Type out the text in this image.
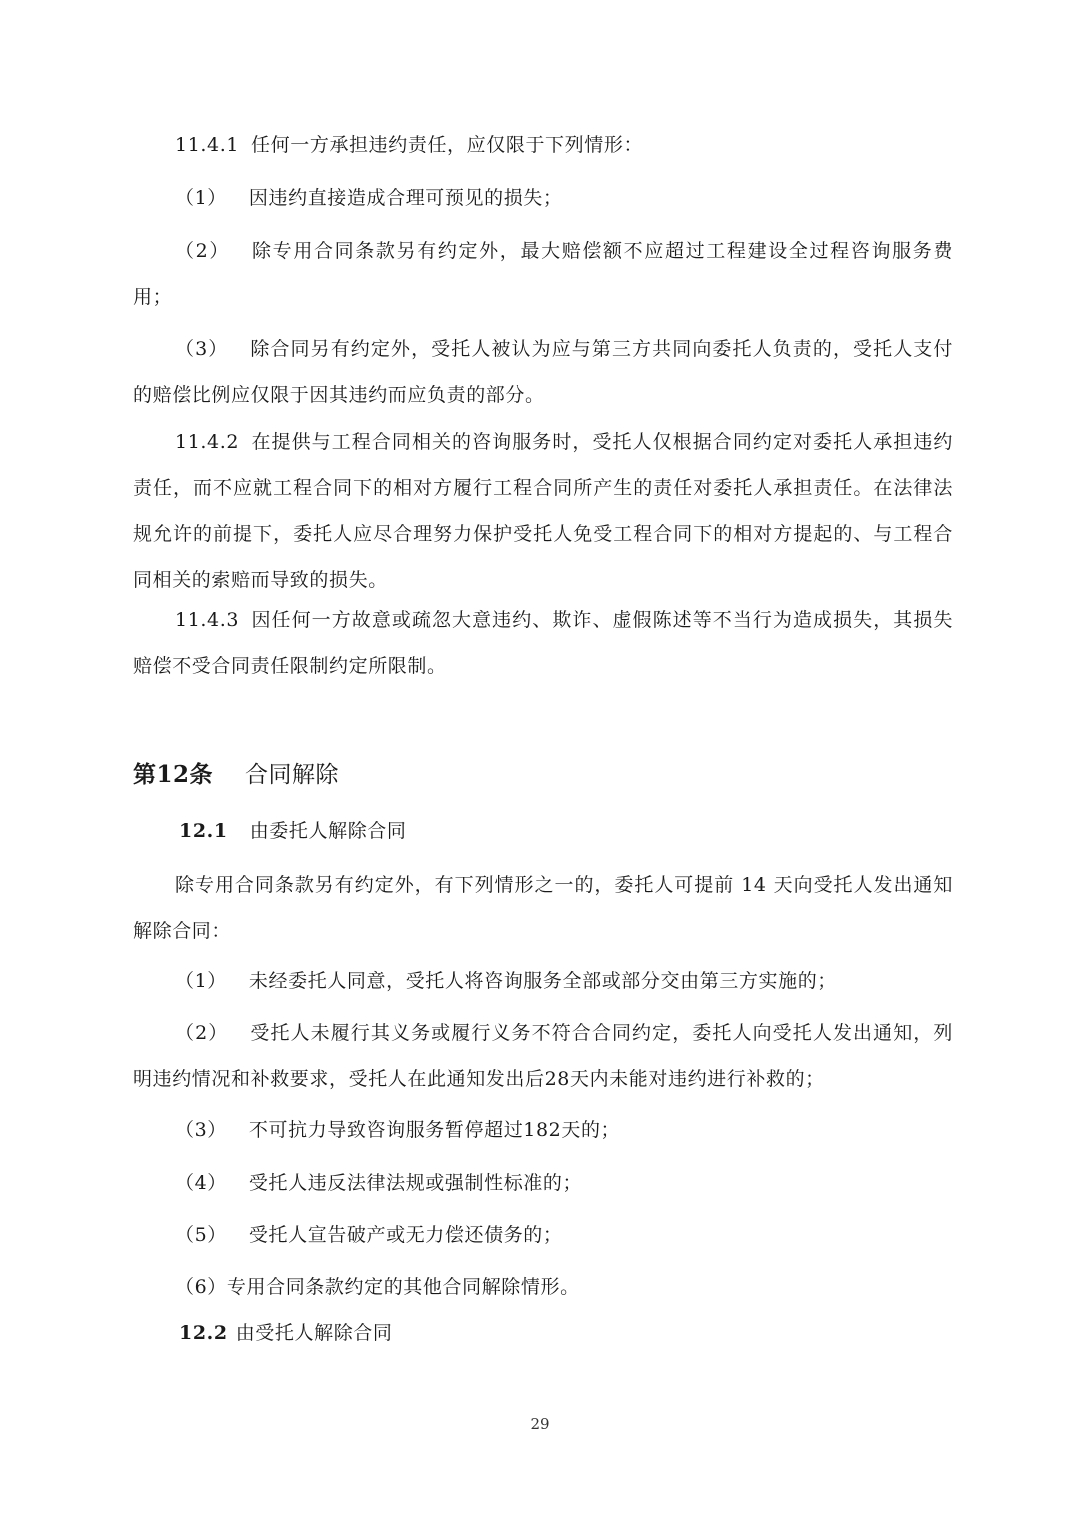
11.4.1 任何一方承担违约责任，应仅限于下列情形：

（1） 因违约直接造成合理可预见的损失；

（2） 除专用合同条款另有约定外，最大赔偿额不应超过工程建设全过程咨询服务费用；

（3） 除合同另有约定外，受托人被认为应与第三方共同向委托人负责的，受托人支付的赔偿比例应仅限于因其违约而应负责的部分。

11.4.2 在提供与工程合同相关的咨询服务时，受托人仅根据合同约定对委托人承担违约责任，而不应就工程合同下的相对方履行工程合同所产生的责任对委托人承担责任。在法律法规允许的前提下，委托人应尽合理努力保护受托人免受工程合同下的相对方提起的、与工程合同相关的索赔而导致的损失。

11.4.3 因任何一方故意或疏忽大意违约、欺诈、虚假陈述等不当行为造成损失，其损失赔偿不受合同责任限制约定所限制。

第12条 合同解除

12.1 由委托人解除合同

除专用合同条款另有约定外，有下列情形之一的，委托人可提前 14 天向受托人发出通知解除合同：

（1） 未经委托人同意，受托人将咨询服务全部或部分交由第三方实施的；

（2） 受托人未履行其义务或履行义务不符合合同约定，委托人向受托人发出通知，列明违约情况和补救要求，受托人在此通知发出后28天内未能对违约进行补救的；

（3） 不可抗力导致咨询服务暂停超过182天的；

（4） 受托人违反法律法规或强制性标准的；

（5） 受托人宣告破产或无力偿还债务的；

（6）专用合同条款约定的其他合同解除情形。

12.2 由受托人解除合同

29
